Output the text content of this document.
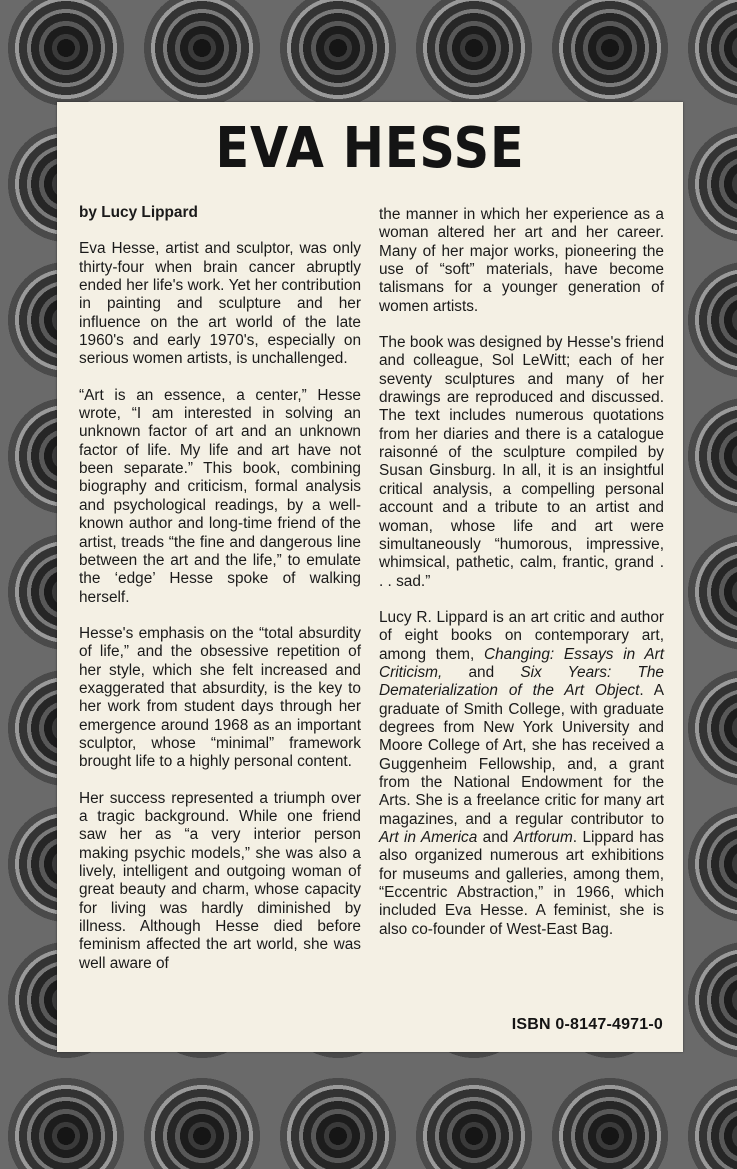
EVA HESSE
by Lucy Lippard

Eva Hesse, artist and sculptor, was only thirty-four when brain cancer abruptly ended her life's work. Yet her contribution in painting and sculpture and her influence on the art world of the late 1960's and early 1970's, especially on serious women artists, is unchallenged.

“Art is an essence, a center,” Hesse wrote, “I am interested in solving an unknown factor of art and an unknown factor of life. My life and art have not been separate.” This book, combining biography and criticism, formal analysis and psychological readings, by a well-known author and long-time friend of the artist, treads “the fine and dangerous line between the art and the life,” to emulate the ‘edge’ Hesse spoke of walking herself.

Hesse's emphasis on the “total absurdity of life,” and the obsessive repetition of her style, which she felt increased and exaggerated that absurdity, is the key to her work from student days through her emergence around 1968 as an important sculptor, whose “minimal” framework brought life to a highly personal content.

Her success represented a triumph over a tragic background. While one friend saw her as “a very interior person making psychic models,” she was also a lively, intelligent and outgoing woman of great beauty and charm, whose capacity for living was hardly diminished by illness. Although Hesse died before feminism affected the art world, she was well aware of

the manner in which her experience as a woman altered her art and her career. Many of her major works, pioneering the use of “soft” materials, have become talismans for a younger generation of women artists.

The book was designed by Hesse's friend and colleague, Sol LeWitt; each of her seventy sculptures and many of her drawings are reproduced and discussed. The text includes numerous quotations from her diaries and there is a catalogue raisonné of the sculpture compiled by Susan Ginsburg. In all, it is an insightful critical analysis, a compelling personal account and a tribute to an artist and woman, whose life and art were simultaneously “humorous, impressive, whimsical, pathetic, calm, frantic, grand . . . sad.”

Lucy R. Lippard is an art critic and author of eight books on contemporary art, among them, Changing: Essays in Art Criticism, and Six Years: The Dematerialization of the Art Object. A graduate of Smith College, with graduate degrees from New York University and Moore College of Art, she has received a Guggenheim Fellowship, and, a grant from the National Endowment for the Arts. She is a freelance critic for many art magazines, and a regular contributor to Art in America and Artforum. Lippard has also organized numerous art exhibitions for museums and galleries, among them, “Eccentric Abstraction,” in 1966, which included Eva Hesse. A feminist, she is also co-founder of West-East Bag.

ISBN 0-8147-4971-0
